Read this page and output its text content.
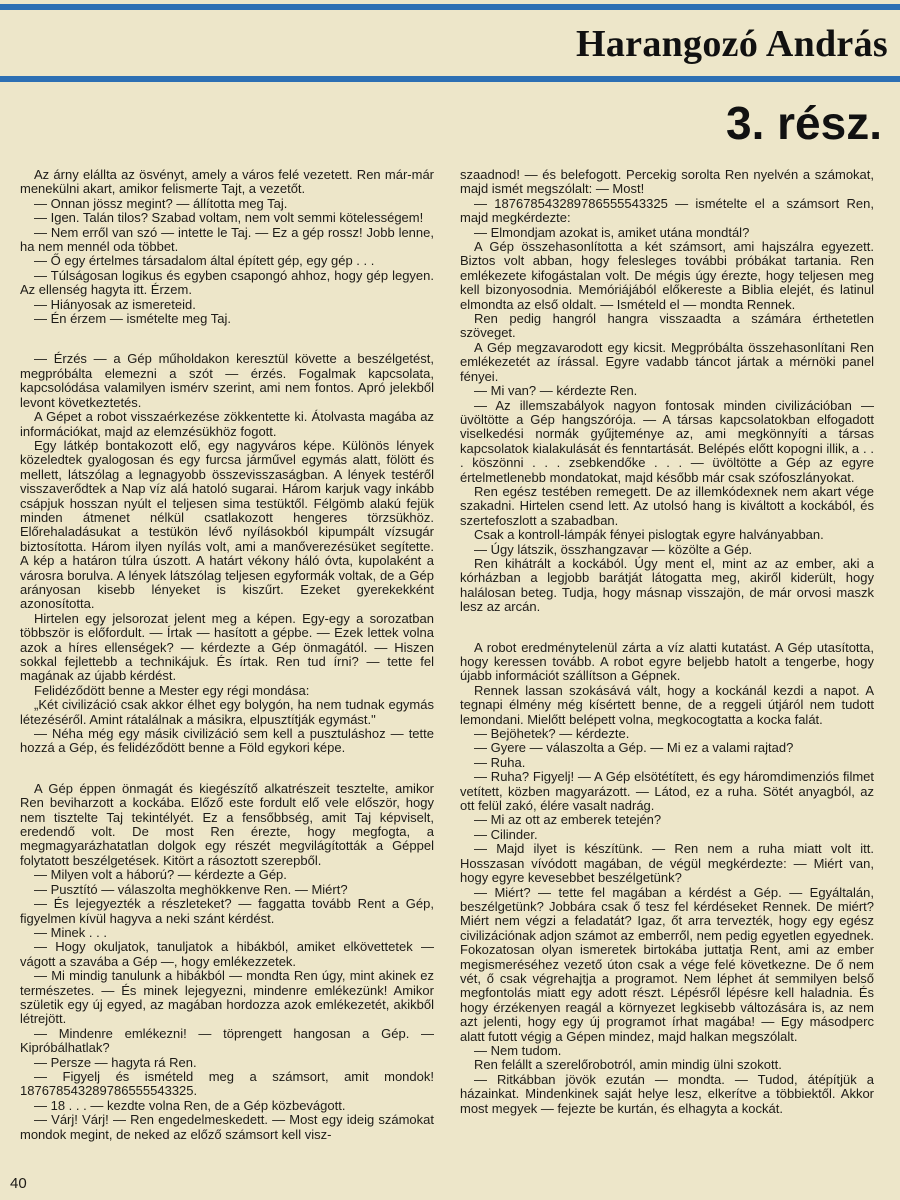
Harangozó András
3. rész.

Az árny elállta az ösvényt, amely a város felé vezetett. Ren már-már menekülni akart, amikor felismerte Tajt, a vezetőt.

— Onnan jössz megint? — állította meg Taj.

— Igen. Talán tilos? Szabad voltam, nem volt semmi kötelességem!

— Nem erről van szó — intette le Taj. — Ez a gép rossz! Jobb lenne, ha nem mennél oda többet.

— Ő egy értelmes társadalom által épített gép, egy gép . . .

— Túlságosan logikus és egyben csapongó ahhoz, hogy gép legyen. Az ellenség hagyta itt. Érzem.

— Hiányosak az ismereteid.

— Én érzem — ismételte meg Taj.

— Érzés — a Gép műholdakon keresztül követte a beszélgetést, megpróbálta elemezni a szót — érzés. Fogalmak kapcsolata, kapcsolódása valamilyen ismérv szerint, ami nem fontos. Apró jelekből levont következtetés.

A Gépet a robot visszaérkezése zökkentette ki. Átolvasta magába az információkat, majd az elemzésükhöz fogott.

Egy látkép bontakozott elő, egy nagyváros képe. Különös lények közeledtek gyalogosan és egy furcsa járművel egymás alatt, fölött és mellett, látszólag a legnagyobb összevisszaságban. A lények testéről visszaverődtek a Nap víz alá hatoló sugarai. Három karjuk vagy inkább csápjuk hosszan nyúlt el teljesen sima testüktől. Félgömb alakú fejük minden átmenet nélkül csatlakozott hengeres törzsükhöz. Előrehaladásukat a testükön lévő nyílásokból kipumpált vízsugár biztosította. Három ilyen nyílás volt, ami a manőverezésüket segítette. A kép a határon túlra úszott. A határt vékony háló óvta, kupolaként a városra borulva. A lények látszólag teljesen egyformák voltak, de a Gép arányosan kisebb lényeket is kiszűrt. Ezeket gyerekekként azonosította.

Hirtelen egy jelsorozat jelent meg a képen. Egy-egy a sorozatban többször is előfordult. — Írtak — hasított a gépbe. — Ezek lettek volna azok a híres ellenségek? — kérdezte a Gép önmagától. — Hiszen sokkal fejlettebb a technikájuk. És írtak. Ren tud írni? — tette fel magának az újabb kérdést.

Felidéződött benne a Mester egy régi mondása:

„Két civilizáció csak akkor élhet egy bolygón, ha nem tudnak egymás létezéséről. Amint rátalálnak a másikra, elpusztítják egymást."

— Néha még egy másik civilizáció sem kell a pusztuláshoz — tette hozzá a Gép, és felidéződött benne a Föld egykori képe.

A Gép éppen önmagát és kiegészítő alkatrészeit tesztelte, amikor Ren beviharzott a kockába. Előző este fordult elő vele először, hogy nem tisztelte Taj tekintélyét. Ez a fensőbbség, amit Taj képviselt, eredendő volt. De most Ren érezte, hogy megfogta, a megmagyarázhatatlan dolgok egy részét megvilágították a Géppel folytatott beszélgetések. Kitört a rásoztott szerepből.

— Milyen volt a háború? — kérdezte a Gép.

— Pusztító — válaszolta meghökkenve Ren. — Miért?

— És lejegyezték a részleteket? — faggatta tovább Rent a Gép, figyelmen kívül hagyva a neki szánt kérdést.

— Minek . . .

— Hogy okuljatok, tanuljatok a hibákból, amiket elkövettetek — vágott a szavába a Gép —, hogy emlékezzetek.

— Mi mindig tanulunk a hibákból — mondta Ren úgy, mint akinek ez természetes. — És minek lejegyezni, mindenre emlékezünk! Amikor születik egy új egyed, az magában hordozza azok emlékezetét, akikből létrejött.

— Mindenre emlékezni! — töprengett hangosan a Gép. — Kipróbálhatlak?

— Persze — hagyta rá Ren.

— Figyelj és ismételd meg a számsort, amit mondok! 187678543289786555543325.

— 18 . . . — kezdte volna Ren, de a Gép közbevágott.

— Várj! Várj! — Ren engedelmeskedett. — Most egy ideig számokat mondok megint, de neked az előző számsort kell visz-

szaadnod! — és belefogott. Percekig sorolta Ren nyelvén a számokat, majd ismét megszólalt: — Most!

— 187678543289786555543325 — ismételte el a számsort Ren, majd megkérdezte:

— Elmondjam azokat is, amiket utána mondtál?

A Gép összehasonlította a két számsort, ami hajszálra egyezett. Biztos volt abban, hogy felesleges további próbákat tartania. Ren emlékezete kifogástalan volt. De mégis úgy érezte, hogy teljesen meg kell bizonyosodnia. Memóriájából előkereste a Biblia elejét, és latinul elmondta az első oldalt. — Ismételd el — mondta Rennek.

Ren pedig hangról hangra visszaadta a számára érthetetlen szöveget.

A Gép megzavarodott egy kicsit. Megpróbálta összehasonlítani Ren emlékezetét az írással. Egyre vadabb táncot jártak a mérnöki panel fényei.

— Mi van? — kérdezte Ren.

— Az illemszabályok nagyon fontosak minden civilizációban — üvöltötte a Gép hangszórója. — A társas kapcsolatokban elfogadott viselkedési normák gyűjteménye az, ami megkönnyíti a társas kapcsolatok kialakulását és fenntartását. Belépés előtt kopogni illik, a . . . köszönni . . . zsebkendőke . . . — üvöltötte a Gép az egyre értelmetlenebb mondatokat, majd később már csak szófoszlányokat.

Ren egész testében remegett. De az illemkódexnek nem akart vége szakadni. Hirtelen csend lett. Az utolsó hang is kiváltott a kockából, és szertefoszlott a szabadban.

Csak a kontroll-lámpák fényei pislogtak egyre halványabban.

— Úgy látszik, összhangzavar — közölte a Gép.

Ren kihátrált a kockából. Úgy ment el, mint az az ember, aki a kórházban a legjobb barátját látogatta meg, akiről kiderült, hogy halálosan beteg. Tudja, hogy másnap visszajön, de már orvosi maszk lesz az arcán.

A robot eredménytelenül zárta a víz alatti kutatást. A Gép utasította, hogy keressen tovább. A robot egyre beljebb hatolt a tengerbe, hogy újabb információt szállítson a Gépnek.

Rennek lassan szokásává vált, hogy a kockánál kezdi a napot. A tegnapi élmény még kísértett benne, de a reggeli útjáról nem tudott lemondani. Mielőtt belépett volna, megkocogtatta a kocka falát.

— Bejöhetek? — kérdezte.

— Gyere — válaszolta a Gép. — Mi ez a valami rajtad?

— Ruha.

— Ruha? Figyelj! — A Gép elsötétített, és egy háromdimenziós filmet vetített, közben magyarázott. — Látod, ez a ruha. Sötét anyagból, az ott felül zakó, élére vasalt nadrág.

— Mi az ott az emberek tetején?

— Cilinder.

— Majd ilyet is készítünk. — Ren nem a ruha miatt volt itt. Hosszasan vívódott magában, de végül megkérdezte: — Miért van, hogy egyre kevesebbet beszélgetünk?

— Miért? — tette fel magában a kérdést a Gép. — Egyáltalán, beszélgetünk? Jobbára csak ő tesz fel kérdéseket Rennek. De miért? Miért nem végzi a feladatát? Igaz, őt arra tervezték, hogy egy egész civilizációnak adjon számot az emberről, nem pedig egyetlen egyednek. Fokozatosan olyan ismeretek birtokába juttatja Rent, ami az ember megismeréséhez vezető úton csak a vége felé következne. De ő nem vét, ő csak végrehajtja a programot. Nem léphet át semmilyen belső megfontolás miatt egy adott részt. Lépésről lépésre kell haladnia. És hogy érzékenyen reagál a környezet legkisebb változására is, az nem azt jelenti, hogy egy új programot írhat magába! — Egy másodperc alatt futott végig a Gépen mindez, majd halkan megszólalt.

— Nem tudom.

Ren felállt a szerelőrobotról, amin mindig ülni szokott.

— Ritkábban jövök ezután — mondta. — Tudod, átépítjük a házainkat. Mindenkinek saját helye lesz, elkerítve a többiektől. Akkor most megyek — fejezte be kurtán, és elhagyta a kockát.

40
